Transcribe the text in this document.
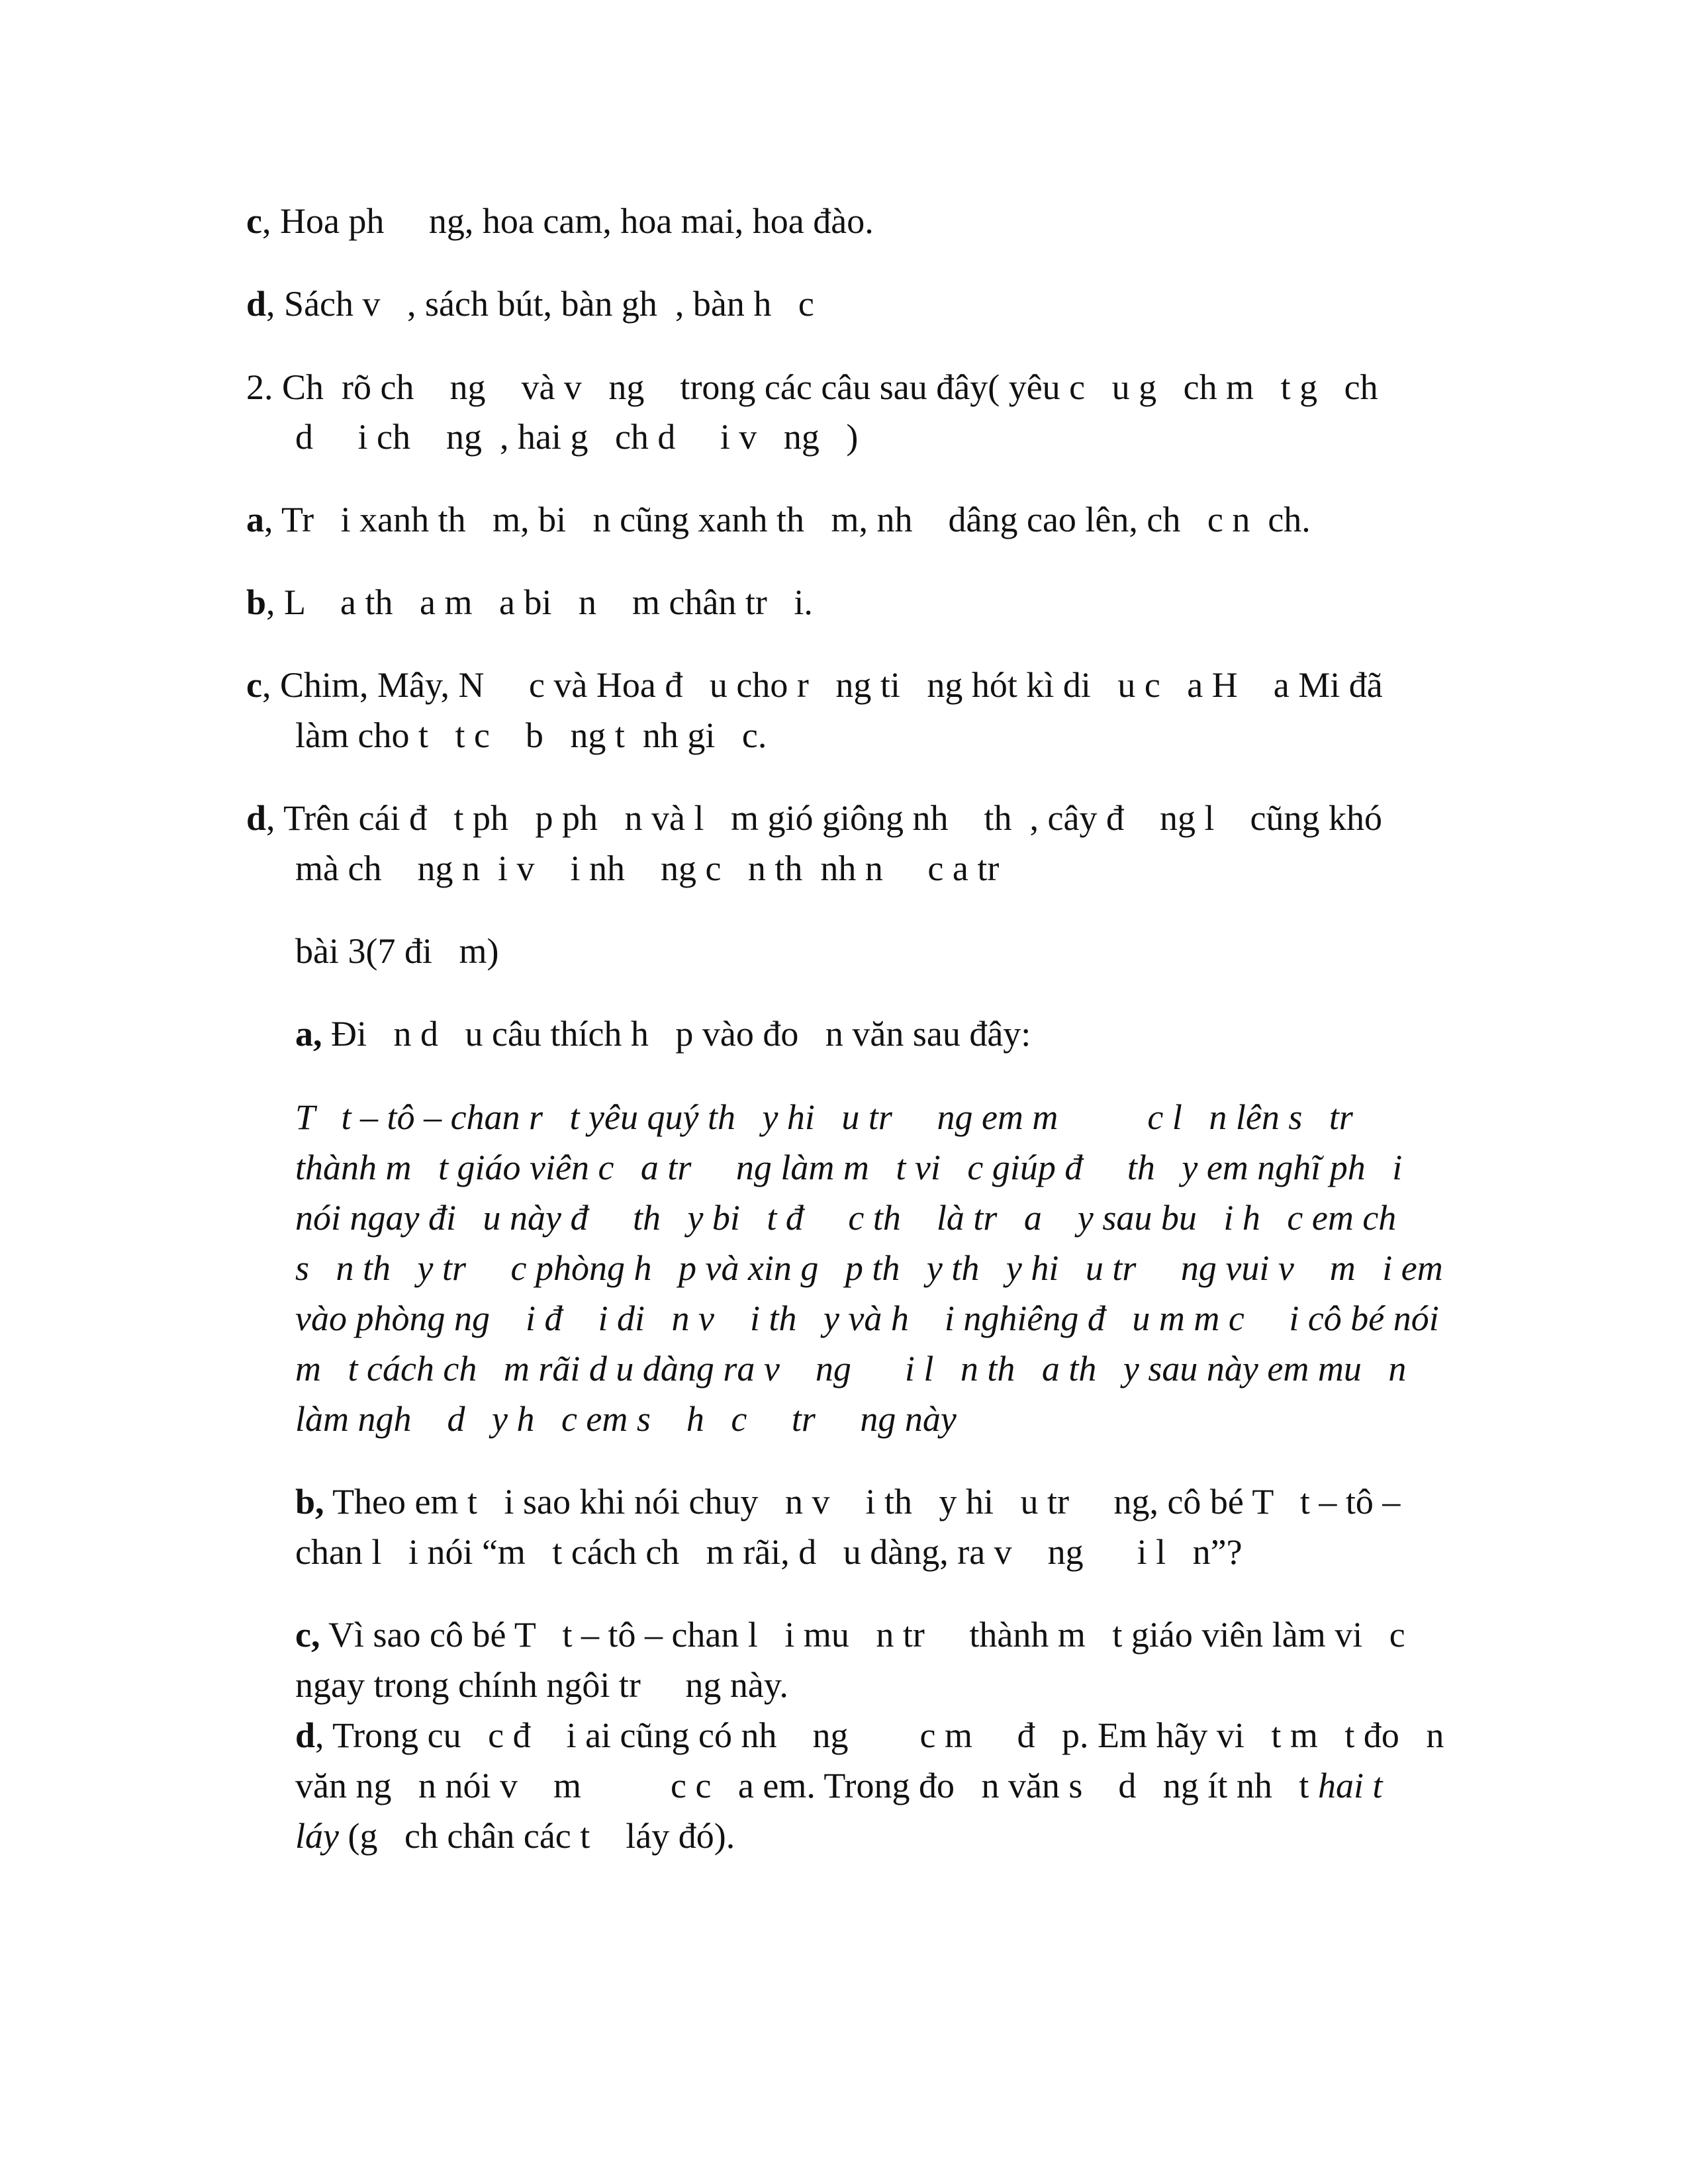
c, Hoa ph     ng, hoa cam, hoa mai, hoa đào.

d, Sách v   , sách bút, bàn gh  , bàn h   c

2. Ch  rõ ch    ng    và v   ng    trong các câu sau đây( yêu c   u g   ch m   t g   ch

d     i ch    ng  , hai g   ch d     i v   ng   )

a, Tr   i xanh th   m, bi   n cũng xanh th   m, nh    dâng cao lên, ch   c n  ch.

b, L    a th   a m   a bi   n    m chân tr   i.

c, Chim, Mây, N     c và Hoa đ   u cho r   ng ti   ng hót kì di   u c   a H    a Mi đã

làm cho t   t c    b   ng t  nh gi   c.

d, Trên cái đ   t ph   p ph   n và l   m gió giông nh    th  , cây đ    ng l    cũng khó

mà ch    ng n  i v    i nh    ng c   n th  nh n     c a tr

bài 3(7 đi   m)

a, Đi   n d   u câu thích h   p vào đo   n văn sau đây:

T   t – tô – chan r   t yêu quý th   y hi   u tr     ng em m          c l   n lên s   tr

thành m   t giáo viên c   a tr     ng làm m   t vi   c giúp đ     th   y em nghĩ ph   i

nói ngay đi   u này đ     th   y bi   t đ     c th    là tr   a    y sau bu   i h   c em ch

s   n th   y tr     c phòng h   p và xin g   p th   y th   y hi   u tr     ng vui v    m   i em

vào phòng ng    i đ    i di   n v    i th   y và h    i nghiêng đ   u m m c     i cô bé nói

m   t cách ch   m rãi d u dàng ra v    ng      i l   n th   a th   y sau này em mu   n

làm ngh    d   y h   c em s    h   c     tr     ng này

b, Theo em t   i sao khi nói chuy   n v    i th   y hi   u tr     ng, cô bé T   t – tô –

chan l   i nói “m   t cách ch   m rãi, d   u dàng, ra v    ng      i l   n”?

c, Vì sao cô bé T   t – tô – chan l   i mu   n tr     thành m   t giáo viên làm vi   c

ngay trong chính ngôi tr     ng này.

d, Trong cu   c đ    i ai cũng có nh    ng        c m     đ   p. Em hãy vi   t m   t đo   n

văn ng   n nói v    m          c c   a em. Trong đo   n văn s    d   ng ít nh   t hai t

láy (g   ch chân các t    láy đó).
